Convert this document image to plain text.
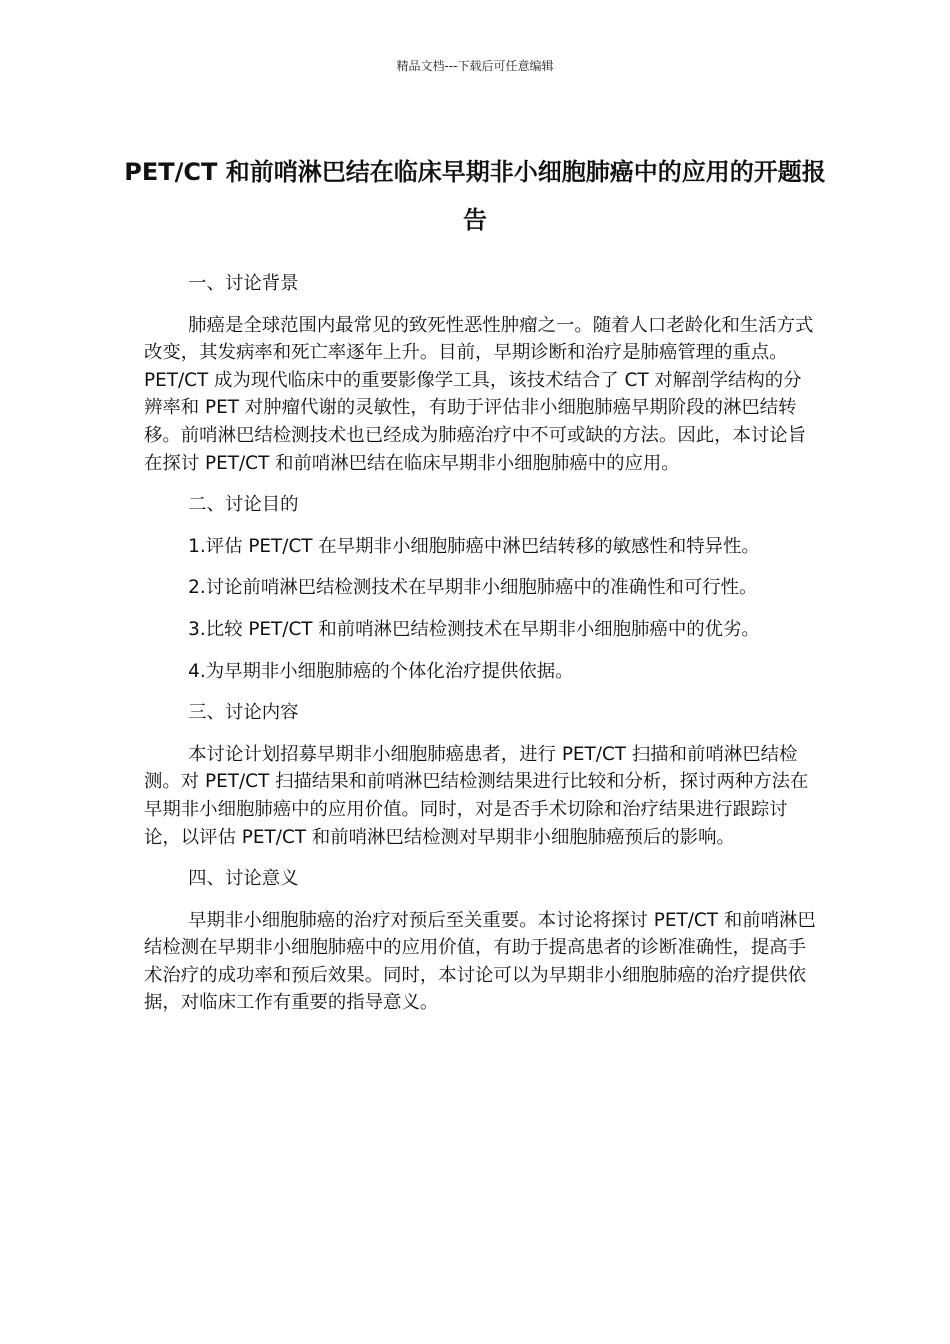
精品文档---下载后可任意编辑
PET/CT 和前哨淋巴结在临床早期非小细胞肺癌中的应用的开题报告

一、讨论背景

肺癌是全球范围内最常见的致死性恶性肿瘤之一。随着人口老龄化和生活方式改变，其发病率和死亡率逐年上升。目前，早期诊断和治疗是肺癌管理的重点。PET/CT 成为现代临床中的重要影像学工具，该技术结合了 CT 对解剖学结构的分辨率和 PET 对肿瘤代谢的灵敏性，有助于评估非小细胞肺癌早期阶段的淋巴结转移。前哨淋巴结检测技术也已经成为肺癌治疗中不可或缺的方法。因此，本讨论旨在探讨 PET/CT 和前哨淋巴结在临床早期非小细胞肺癌中的应用。

二、讨论目的

1.评估 PET/CT 在早期非小细胞肺癌中淋巴结转移的敏感性和特异性。

2.讨论前哨淋巴结检测技术在早期非小细胞肺癌中的准确性和可行性。

3.比较 PET/CT 和前哨淋巴结检测技术在早期非小细胞肺癌中的优劣。

4.为早期非小细胞肺癌的个体化治疗提供依据。

三、讨论内容

本讨论计划招募早期非小细胞肺癌患者，进行 PET/CT 扫描和前哨淋巴结检测。对 PET/CT 扫描结果和前哨淋巴结检测结果进行比较和分析，探讨两种方法在早期非小细胞肺癌中的应用价值。同时，对是否手术切除和治疗结果进行跟踪讨论，以评估 PET/CT 和前哨淋巴结检测对早期非小细胞肺癌预后的影响。

四、讨论意义

早期非小细胞肺癌的治疗对预后至关重要。本讨论将探讨 PET/CT 和前哨淋巴结检测在早期非小细胞肺癌中的应用价值，有助于提高患者的诊断准确性，提高手术治疗的成功率和预后效果。同时，本讨论可以为早期非小细胞肺癌的治疗提供依据，对临床工作有重要的指导意义。
